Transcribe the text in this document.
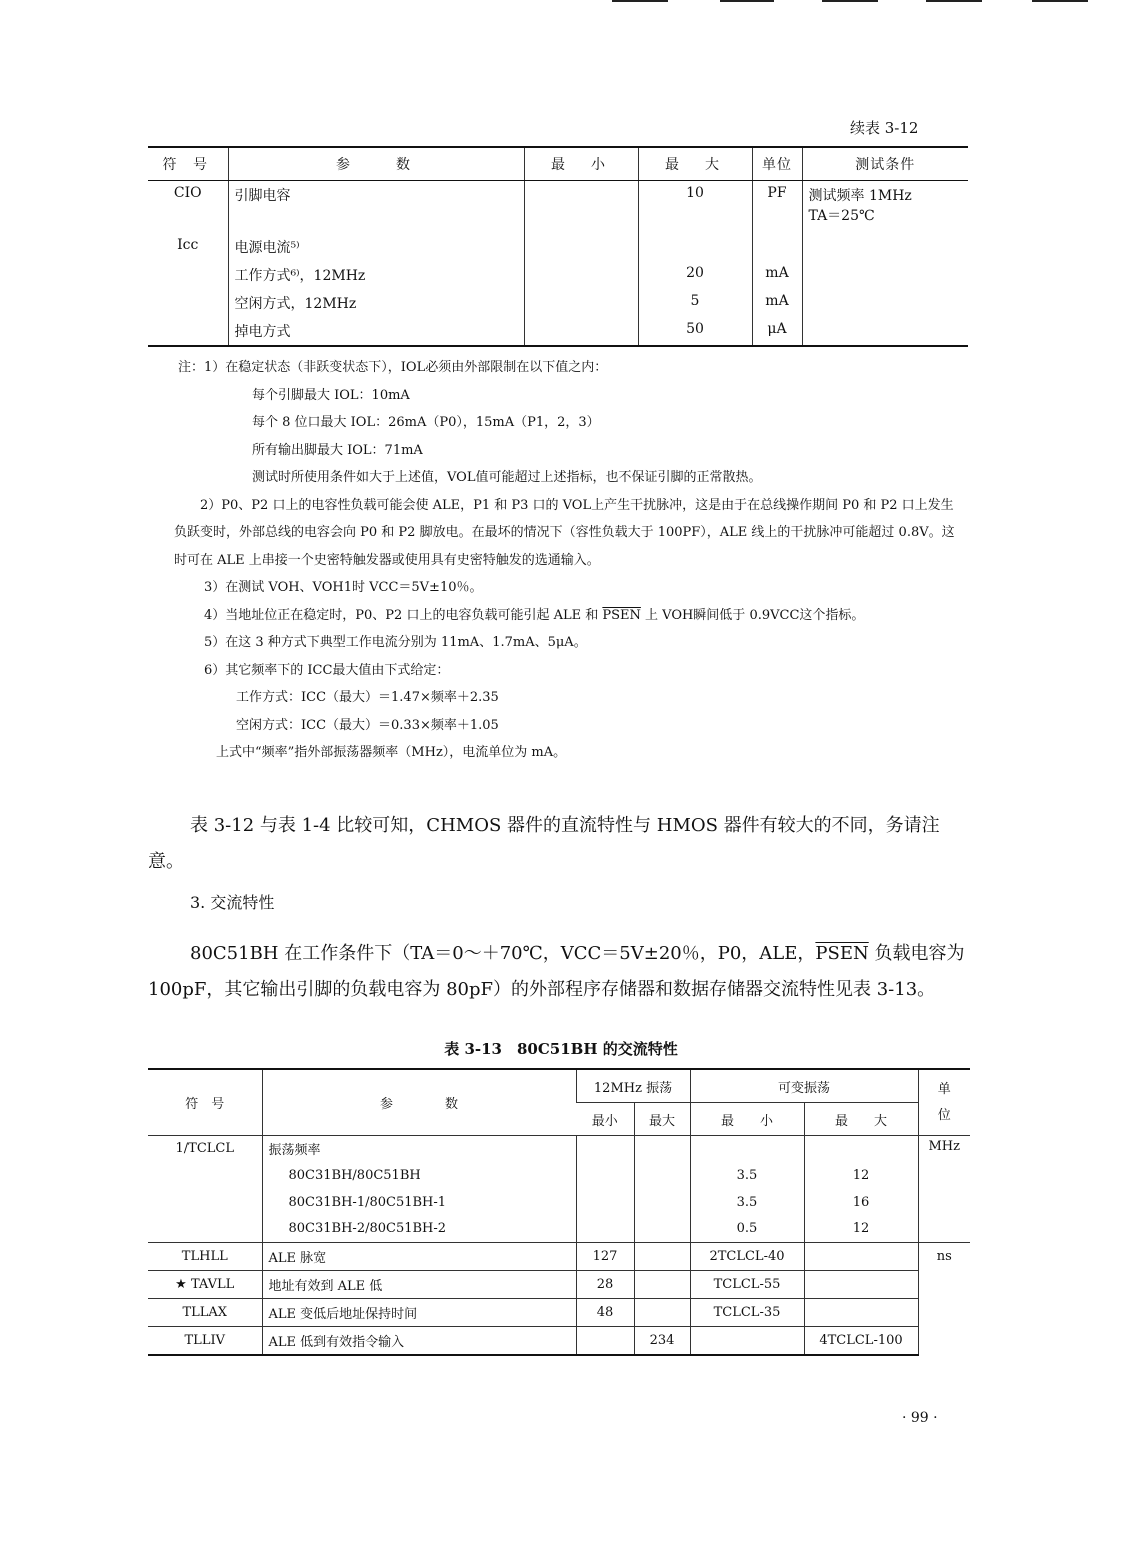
续表 3-12
符 号	参　　数	最　小	最　大	单位	测试条件
CIO	引脚电容		10	PF	测试频率 1MHz
TA＝25℃

Icc	电源电流⁵⁾				
	工作方式⁶⁾，12MHz		20	mA	
	空闲方式，12MHz		5	mA	
	掉电方式		50	μA	
注：1）在稳定状态（非跃变状态下），IOL必须由外部限制在以下值之内：
每个引脚最大 IOL：10mA
每个 8 位口最大 IOL：26mA（P0），15mA（P1，2，3）
所有输出脚最大 IOL：71mA
测试时所使用条件如大于上述值，VOL值可能超过上述指标，也不保证引脚的正常散热。
2）P0、P2 口上的电容性负载可能会使 ALE，P1 和 P3 口的 VOL上产生干扰脉冲，这是由于在总线操作期间 P0 和 P2 口上发生负跃变时，外部总线的电容会向 P0 和 P2 脚放电。在最坏的情况下（容性负载大于 100PF），ALE 线上的干扰脉冲可能超过 0.8V。这时可在 ALE 上串接一个史密特触发器或使用具有史密特触发的选通输入。
3）在测试 VOH、VOH1时 VCC＝5V±10％。
4）当地址位正在稳定时，P0、P2 口上的电容负载可能引起 ALE 和 PSEN 上 VOH瞬间低于 0.9VCC这个指标。
5）在这 3 种方式下典型工作电流分别为 11mA、1.7mA、5μA。
6）其它频率下的 ICC最大值由下式给定：
工作方式：ICC（最大）＝1.47×频率＋2.35
空闲方式：ICC（最大）＝0.33×频率＋1.05
上式中“频率”指外部振荡器频率（MHz），电流单位为 mA。
表 3-12 与表 1-4 比较可知，CHMOS 器件的直流特性与 HMOS 器件有较大的不同，务请注意。
3. 交流特性
80C51BH 在工作条件下（TA＝0～＋70℃，VCC＝5V±20％，P0，ALE，PSEN 负载电容为 100pF，其它输出引脚的负载电容为 80pF）的外部程序存储器和数据存储器交流特性见表 3-13。
表 3-13　80C51BH 的交流特性
符　号	参　　　　数	12MHz 振荡		可变振荡		单
位
		最小	最大	最　　小	最　　大	
1/TCLCL	振荡频率					MHz
	80C31BH/80C51BH			3.5	12	
	80C31BH-1/80C51BH-1			3.5	16	
	80C31BH-2/80C51BH-2			0.5	12	
TLHLL	ALE 脉宽	127		2TCLCL-40		ns
★ TAVLL	地址有效到 ALE 低	28		TCLCL-55		
TLLAX	ALE 变低后地址保持时间	48		TCLCL-35		
TLLIV	ALE 低到有效指令输入		234		4TCLCL-100	
· 99 ·
